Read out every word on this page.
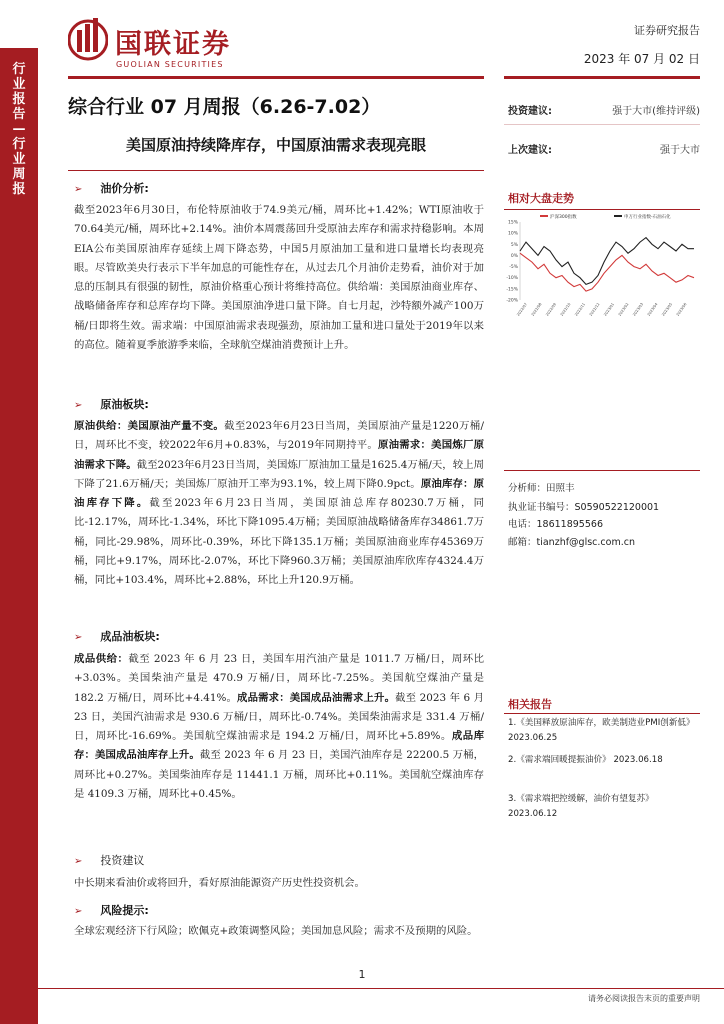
行业报告—行业周报
国联证券
GUOLIAN SECURITIES
证券研究报告
2023 年 07 月 02 日
综合行业 07 月周报（6.26-7.02）
美国原油持续降库存，中国原油需求表现亮眼
投资建议:	强于大市(维持评级)
上次建议:	强于大市
➢ 油价分析:
截至2023年6月30日，布伦特原油收于74.9美元/桶，周环比+1.42%；WTI原油收于70.64美元/桶，周环比+2.14%。油价本周震荡回升受原油去库存和需求持稳影响。本周EIA公布美国原油库存延续上周下降态势，中国5月原油加工量和进口量增长均表现亮眼。尽管欧美央行表示下半年加息的可能性存在，从过去几个月油价走势看，油价对于加息的压制具有很强的韧性，原油价格重心预计将维持高位。供给端：美国原油商业库存、战略储备库存和总库存均下降。美国原油净进口量下降。自七月起，沙特额外减产100万桶/日即将生效。需求端：中国原油需求表现强劲，原油加工量和进口量处于2019年以来的高位。随着夏季旅游季来临，全球航空煤油消费预计上升。
➢ 原油板块:
原油供给：美国原油产量不变。截至2023年6月23日当周，美国原油产量是1220万桶/日，周环比不变，较2022年6月+0.83%，与2019年同期持平。原油需求：美国炼厂原油需求下降。截至2023年6月23日当周，美国炼厂原油加工量是1625.4万桶/天，较上周下降了21.6万桶/天；美国炼厂原油开工率为93.1%，较上周下降0.9pct。原油库存：原油库存下降。截至2023年6月23日当周，美国原油总库存80230.7万桶，同比-12.17%，周环比-1.34%，环比下降1095.4万桶；美国原油战略储备库存34861.7万桶，同比-29.98%，周环比-0.39%，环比下降135.1万桶；美国原油商业库存45369万桶，同比+9.17%，周环比-2.07%，环比下降960.3万桶；美国原油库欣库存4324.4万桶，同比+103.4%，周环比+2.88%，环比上升120.9万桶。
➢ 成品油板块:
成品供给：截至 2023 年 6 月 23 日，美国车用汽油产量是 1011.7 万桶/日，周环比+3.03%。美国柴油产量是 470.9 万桶/日，周环比-7.25%。美国航空煤油产量是 182.2 万桶/日，周环比+4.41%。成品需求：美国成品油需求上升。截至 2023 年 6 月 23 日，美国汽油需求是 930.6 万桶/日，周环比-0.74%。美国柴油需求是 331.4 万桶/日，周环比-16.69%。美国航空煤油需求是 194.2 万桶/日，周环比+5.89%。成品库存：美国成品油库存上升。截至 2023 年 6 月 23 日，美国汽油库存是 22200.5 万桶，周环比+0.27%。美国柴油库存是 11441.1 万桶，周环比+0.11%。美国航空煤油库存是 4109.3 万桶，周环比+0.45%。
➢ 投资建议
中长期来看油价或将回升，看好原油能源资产历史性投资机会。
➢ 风险提示:
全球宏观经济下行风险；欧佩克+政策调整风险；美国加息风险；需求不及预期的风险。
相对大盘走势
15%
10%
5%
0%
-5%
-10%
-15%
-20%
2022/07 2022/08 2022/09 2022/10 2022/11 2022/12 2023/01 2023/02 2023/03 2023/04 2023/05 2023/06
沪深300指数	申万行业指数-石油石化
分析师：田照丰
执业证书编号：S0590522120001
电话：18611895566
邮箱：tianzhf@glsc.com.cn
相关报告
1.《美国释放原油库存，欧美制造业PMI创新低》
2023.06.25
2.《需求端回暖提振油价》 2023.06.18
3.《需求端把控缓解，油价有望复苏》 2023.06.12
1
请务必阅读报告末页的重要声明
